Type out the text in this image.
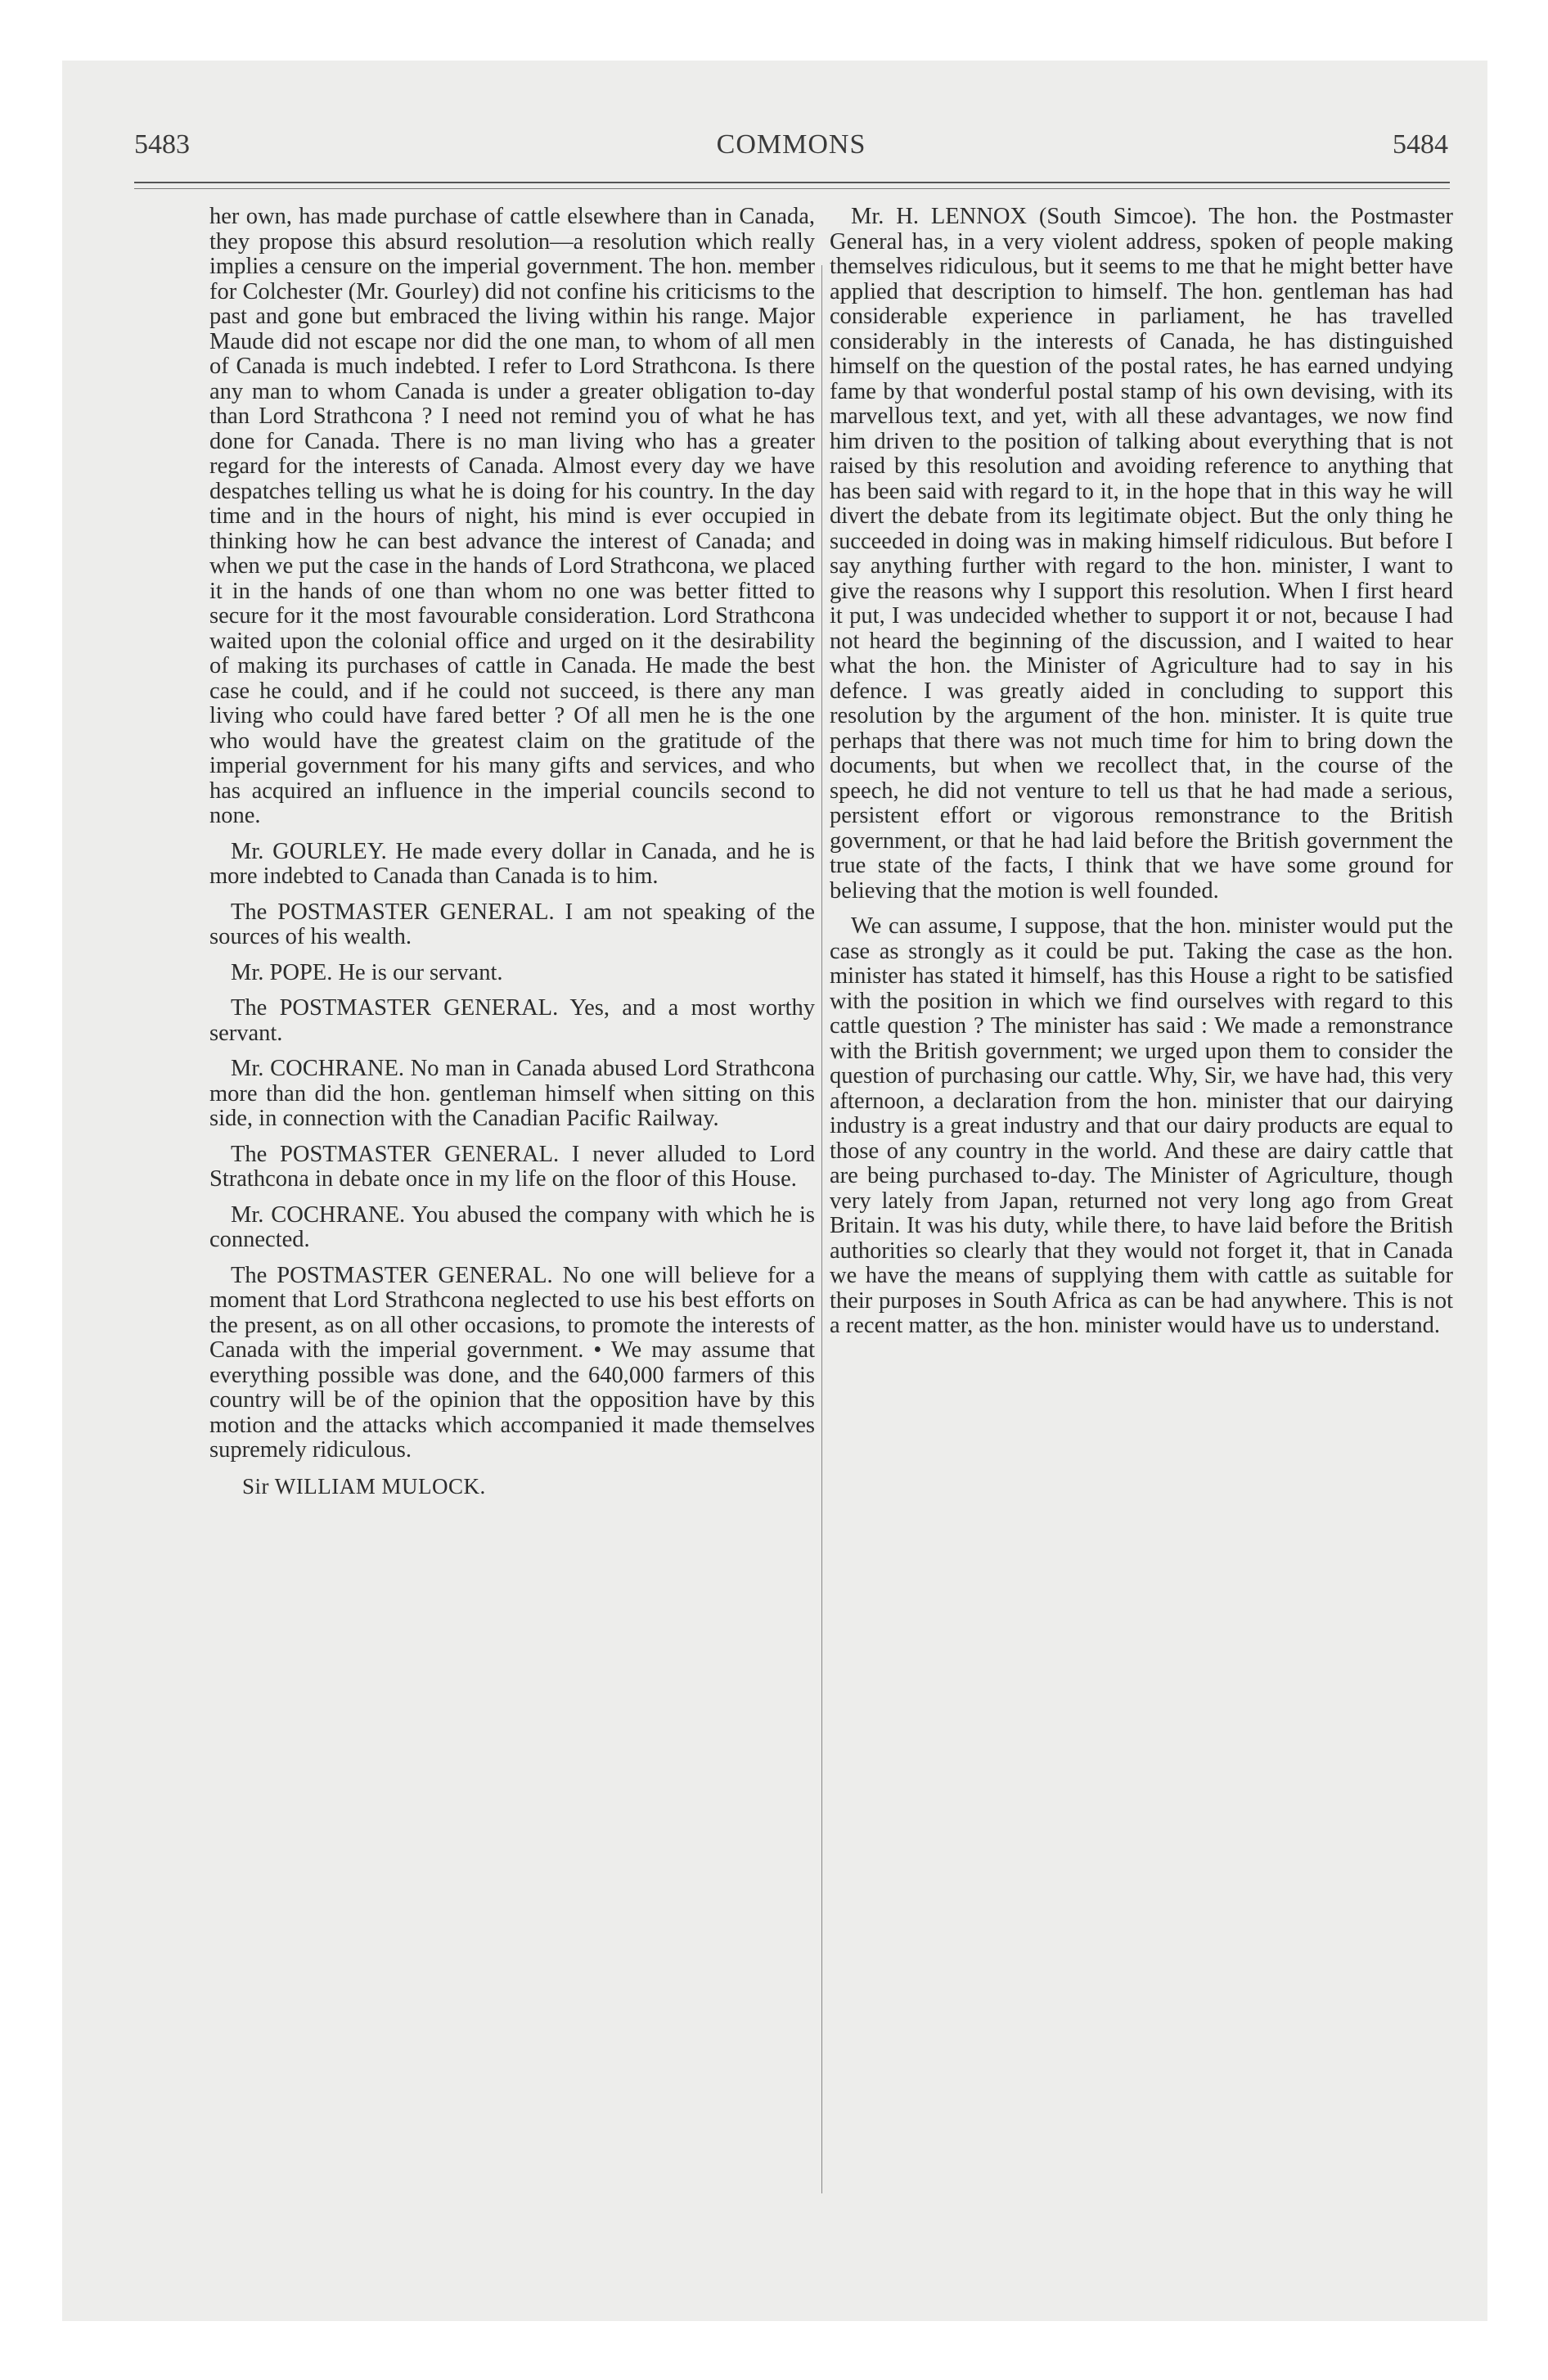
5483	COMMONS	5484

her own, has made purchase of cattle elsewhere than in Canada, they propose this absurd resolution—a resolution which really implies a censure on the imperial government. The hon. member for Colchester (Mr. Gourley) did not confine his criticisms to the past and gone but embraced the living within his range. Major Maude did not escape nor did the one man, to whom of all men of Canada is much indebted. I refer to Lord Strathcona. Is there any man to whom Canada is under a greater obligation to-day than Lord Strathcona ? I need not remind you of what he has done for Canada. There is no man living who has a greater regard for the interests of Canada. Almost every day we have despatches telling us what he is doing for his country. In the day time and in the hours of night, his mind is ever occupied in thinking how he can best advance the interest of Canada; and when we put the case in the hands of Lord Strathcona, we placed it in the hands of one than whom no one was better fitted to secure for it the most favourable consideration. Lord Strathcona waited upon the colonial office and urged on it the desirability of making its purchases of cattle in Canada. He made the best case he could, and if he could not succeed, is there any man living who could have fared better ? Of all men he is the one who would have the greatest claim on the gratitude of the imperial government for his many gifts and services, and who has acquired an influence in the imperial councils second to none.

Mr. GOURLEY. He made every dollar in Canada, and he is more indebted to Canada than Canada is to him.

The POSTMASTER GENERAL. I am not speaking of the sources of his wealth.

Mr. POPE. He is our servant.

The POSTMASTER GENERAL. Yes, and a most worthy servant.

Mr. COCHRANE. No man in Canada abused Lord Strathcona more than did the hon. gentleman himself when sitting on this side, in connection with the Canadian Pacific Railway.

The POSTMASTER GENERAL. I never alluded to Lord Strathcona in debate once in my life on the floor of this House.

Mr. COCHRANE. You abused the company with which he is connected.

The POSTMASTER GENERAL. No one will believe for a moment that Lord Strathcona neglected to use his best efforts on the present, as on all other occasions, to promote the interests of Canada with the imperial government. • We may assume that everything possible was done, and the 640,000 farmers of this country will be of the opinion that the opposition have by this motion and the attacks which accompanied it made themselves supremely ridiculous.

Sir WILLIAM MULOCK.

Mr. H. LENNOX (South Simcoe). The hon. the Postmaster General has, in a very violent address, spoken of people making themselves ridiculous, but it seems to me that he might better have applied that description to himself. The hon. gentleman has had considerable experience in parliament, he has travelled considerably in the interests of Canada, he has distinguished himself on the question of the postal rates, he has earned undying fame by that wonderful postal stamp of his own devising, with its marvellous text, and yet, with all these advantages, we now find him driven to the position of talking about everything that is not raised by this resolution and avoiding reference to anything that has been said with regard to it, in the hope that in this way he will divert the debate from its legitimate object. But the only thing he succeeded in doing was in making himself ridiculous. But before I say anything further with regard to the hon. minister, I want to give the reasons why I support this resolution. When I first heard it put, I was undecided whether to support it or not, because I had not heard the beginning of the discussion, and I waited to hear what the hon. the Minister of Agriculture had to say in his defence. I was greatly aided in concluding to support this resolution by the argument of the hon. minister. It is quite true perhaps that there was not much time for him to bring down the documents, but when we recollect that, in the course of the speech, he did not venture to tell us that he had made a serious, persistent effort or vigorous remonstrance to the British government, or that he had laid before the British government the true state of the facts, I think that we have some ground for believing that the motion is well founded.

We can assume, I suppose, that the hon. minister would put the case as strongly as it could be put. Taking the case as the hon. minister has stated it himself, has this House a right to be satisfied with the position in which we find ourselves with regard to this cattle question ? The minister has said : We made a remonstrance with the British government; we urged upon them to consider the question of purchasing our cattle. Why, Sir, we have had, this very afternoon, a declaration from the hon. minister that our dairying industry is a great industry and that our dairy products are equal to those of any country in the world. And these are dairy cattle that are being purchased to-day. The Minister of Agriculture, though very lately from Japan, returned not very long ago from Great Britain. It was his duty, while there, to have laid before the British authorities so clearly that they would not forget it, that in Canada we have the means of supplying them with cattle as suitable for their purposes in South Africa as can be had anywhere. This is not a recent matter, as the hon. minister would have us to understand.
